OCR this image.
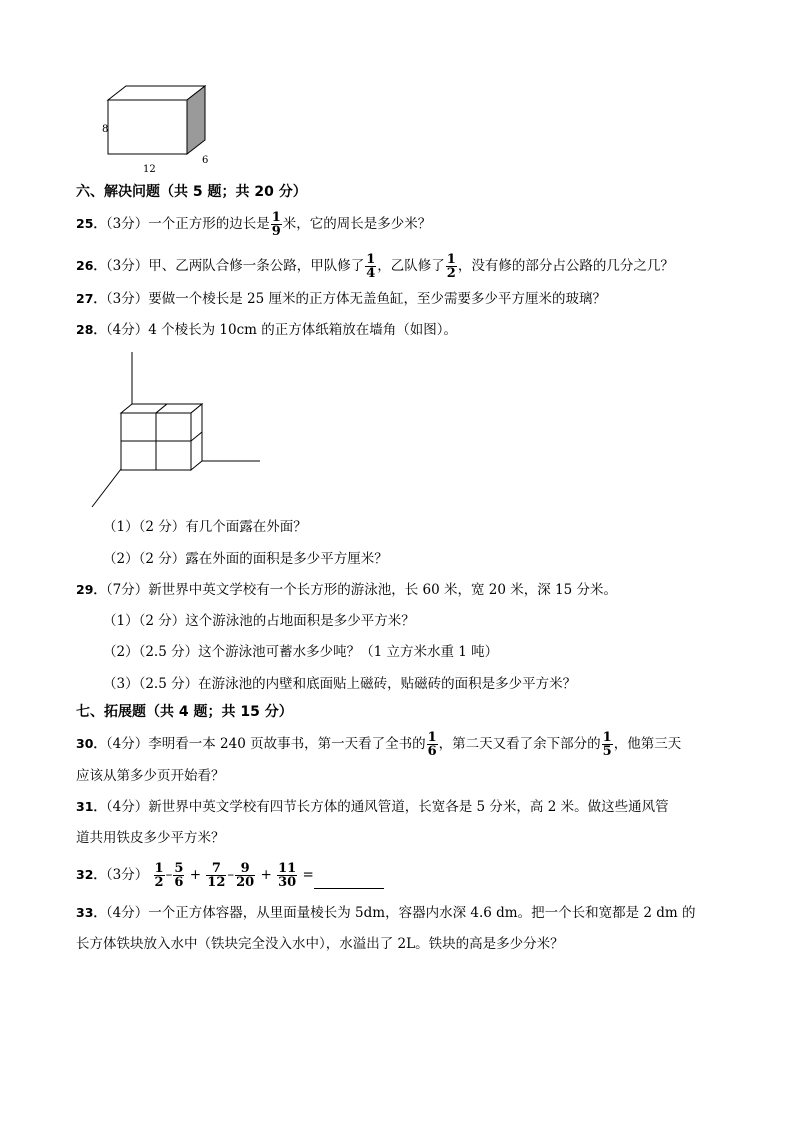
8
12
6
六、解决问题（共 5 题；共 20 分）
25．（3分）一个正方形的边长是 $\frac{1}{9}$ 米，它的周长是多少米？
26．（3分）甲、乙两队合修一条公路，甲队修了 $\frac{1}{4}$ ，乙队修了 $\frac{1}{2}$ ，没有修的部分占公路的几分之几？
27．（3分）要做一个棱长是 25 厘米的正方体无盖鱼缸，至少需要多少平方厘米的玻璃？
28．（4分）4 个棱长为 10cm 的正方体纸箱放在墙角（如图）。
（1）（2 分）有几个面露在外面？
（2）（2 分）露在外面的面积是多少平方厘米？
29．（7分）新世界中英文学校有一个长方形的游泳池，长 60 米，宽 20 米，深 15 分米。
（1）（2 分）这个游泳池的占地面积是多少平方米？
（2）（2.5 分）这个游泳池可蓄水多少吨？（1 立方米水重 1 吨）
（3）（2.5 分）在游泳池的内壁和底面贴上磁砖，贴磁砖的面积是多少平方米？
七、拓展题（共 4 题；共 15 分）
30．（4分）李明看一本 240 页故事书，第一天看了全书的 $\frac{1}{6}$ ，第二天又看了余下部分的 $\frac{1}{5}$ ，他第三天
应该从第多少页开始看？
31．（4分）新世界中英文学校有四节长方体的通风管道，长宽各是 5 分米，高 2 米。做这些通风管
道共用铁皮多少平方米？
32．（3分） $\frac{1}{2} - \frac{5}{6} + \frac{7}{12} - \frac{9}{20} + \frac{11}{30}$ =
33．（4分）一个正方体容器，从里面量棱长为 5dm，容器内水深 4.6 dm。把一个长和宽都是 2 dm 的
长方体铁块放入水中（铁块完全没入水中），水溢出了 2L。铁块的高是多少分米？
